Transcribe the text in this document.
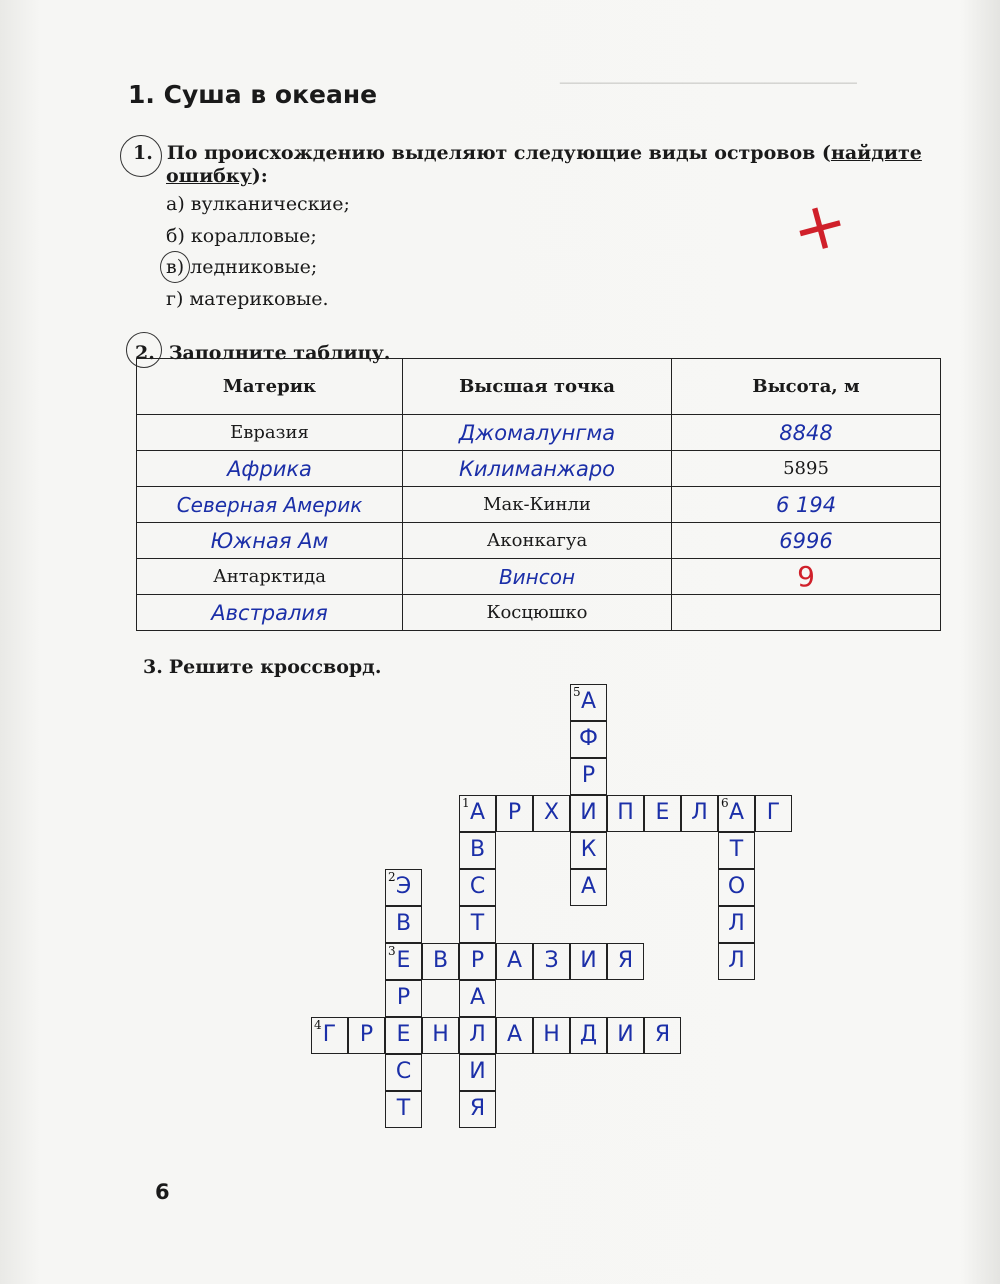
─────────────────────────────
1. Суша в океане
1. По происхождению выделяют следующие виды островов (найдите
ошибку):
а) вулканические;
б) коралловые;
в) ледниковые;
г) материковые.
+
2. Заполните таблицу.
Материк	Высшая точка	Высота, м
Евразия	Джомалунгма	8848
Африка	Килиманжаро	5895
Северная Америк	Мак-Кинли	6 194
Южная Ам	Аконкагуа	6996
Антарктида	Винсон	9
Австралия	Косцюшко	
3. Решите кроссворд.
А
1	Р	Х И П Е Л А
6	Г
В
С
Т
Р
А
Л
И
Я
А
5
Ф
Р
К
А
Т
О
Л
Л
Э
2
В
Е
3
Р
Е
С
Т
В	А	З И Я
Г
4	Р	Н	А Н Д И Я
6
